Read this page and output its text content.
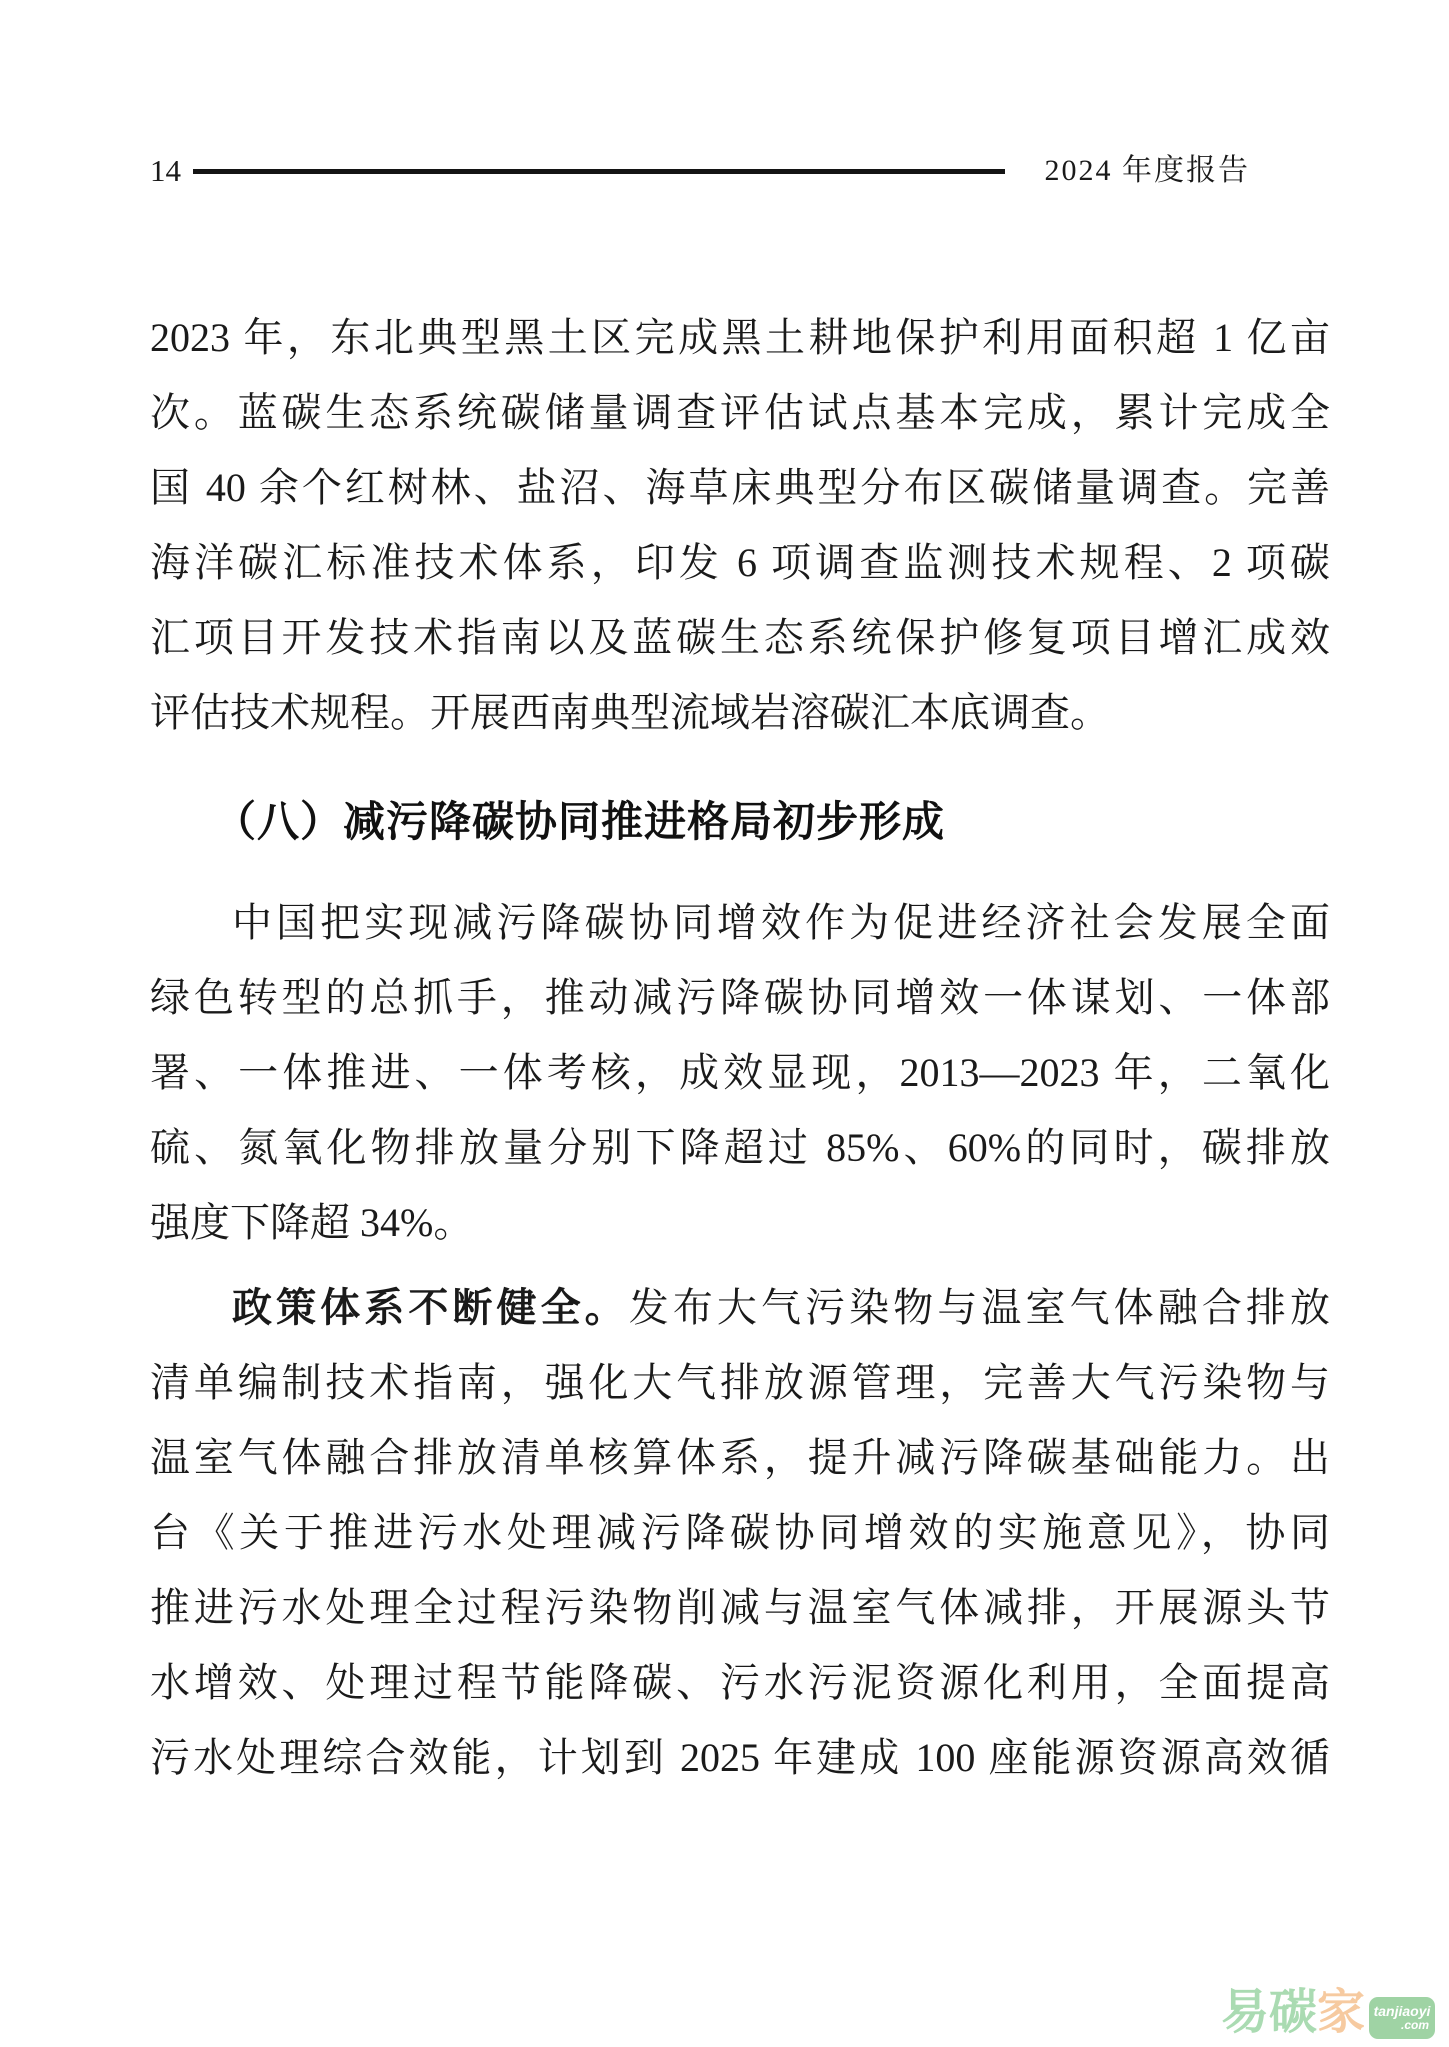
14	2024 年度报告
2023 年，东北典型黑土区完成黑土耕地保护利用面积超 1 亿亩
次。蓝碳生态系统碳储量调查评估试点基本完成，累计完成全
国 40 余个红树林、盐沼、海草床典型分布区碳储量调查。完善
海洋碳汇标准技术体系，印发 6 项调查监测技术规程、2 项碳
汇项目开发技术指南以及蓝碳生态系统保护修复项目增汇成效
评估技术规程。开展西南典型流域岩溶碳汇本底调查。
（八）减污降碳协同推进格局初步形成
中国把实现减污降碳协同增效作为促进经济社会发展全面
绿色转型的总抓手，推动减污降碳协同增效一体谋划、一体部
署、一体推进、一体考核，成效显现，2013—2023 年，二氧化
硫、氮氧化物排放量分别下降超过 85%、60%的同时，碳排放
强度下降超 34%。
政策体系不断健全。发布大气污染物与温室气体融合排放
清单编制技术指南，强化大气排放源管理，完善大气污染物与
温室气体融合排放清单核算体系，提升减污降碳基础能力。出
台《关于推进污水处理减污降碳协同增效的实施意见》，协同
推进污水处理全过程污染物削减与温室气体减排，开展源头节
水增效、处理过程节能降碳、污水污泥资源化利用，全面提高
污水处理综合效能，计划到 2025 年建成 100 座能源资源高效循
易碳 家 tanjiaoyi
.com
